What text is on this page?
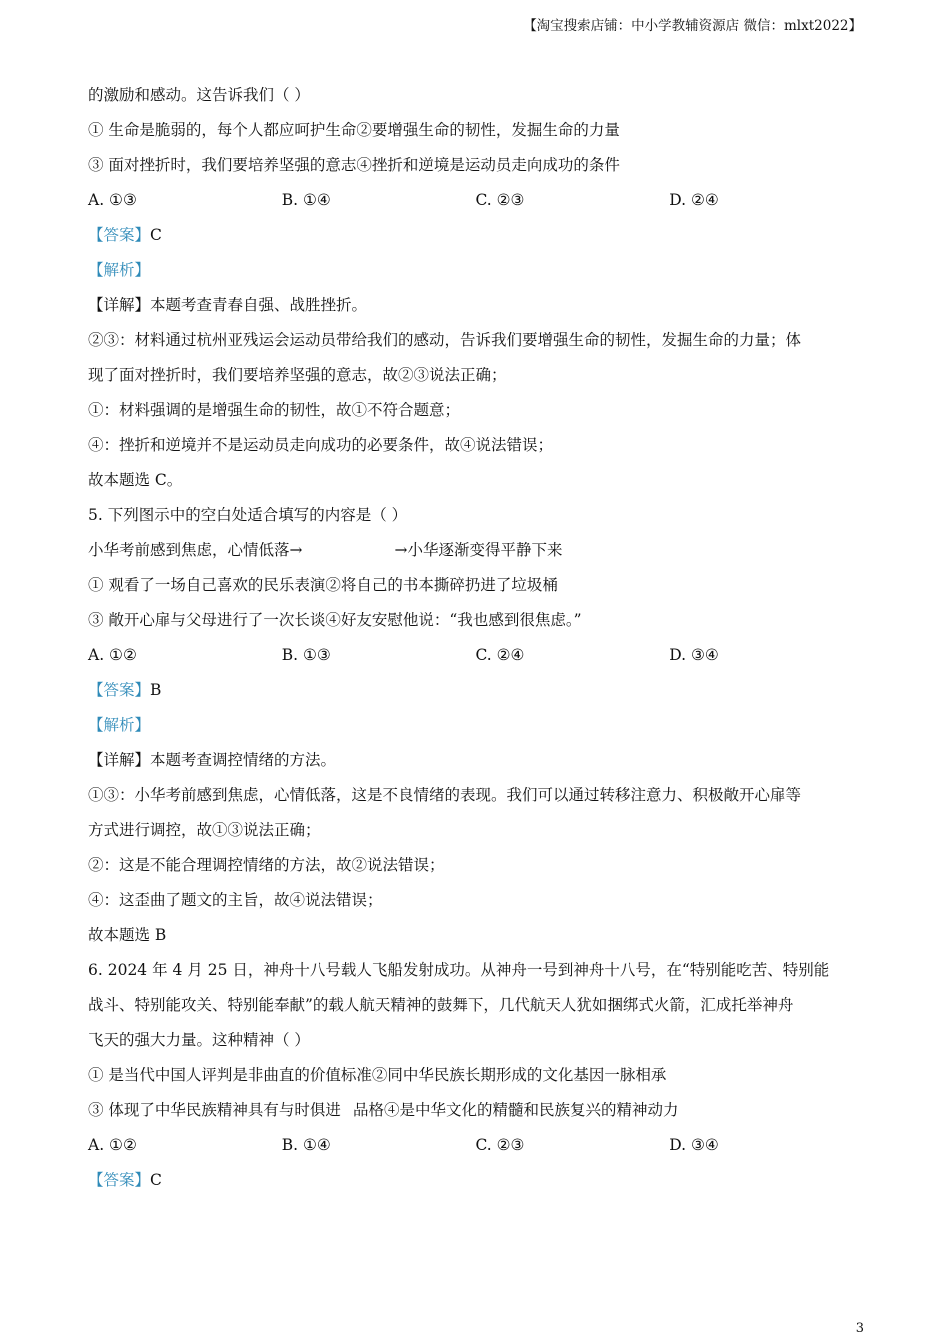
【淘宝搜索店铺：中小学教辅资源店 微信：mlxt2022】
的激励和感动。这告诉我们（ ）
① 生命是脆弱的，每个人都应呵护生命②要增强生命的韧性，发掘生命的力量
③ 面对挫折时，我们要培养坚强的意志④挫折和逆境是运动员走向成功的条件
A. ①③	B. ①④	C. ②③	D. ②④
【答案】C
【解析】
【详解】本题考查青春自强、战胜挫折。
②③：材料通过杭州亚残运会运动员带给我们的感动，告诉我们要增强生命的韧性，发掘生命的力量；体
现了面对挫折时，我们要培养坚强的意志，故②③说法正确；
①：材料强调的是增强生命的韧性，故①不符合题意；
④：挫折和逆境并不是运动员走向成功的必要条件，故④说法错误；
故本题选 C。
5. 下列图示中的空白处适合填写的内容是（ ）
小华考前感到焦虑，心情低落→	→小华逐渐变得平静下来
① 观看了一场自己喜欢的民乐表演②将自己的书本撕碎扔进了垃圾桶
③ 敞开心扉与父母进行了一次长谈④好友安慰他说：“我也感到很焦虑。”
A. ①②	B. ①③	C. ②④	D. ③④
【答案】B
【解析】
【详解】本题考查调控情绪的方法。
①③：小华考前感到焦虑，心情低落，这是不良情绪的表现。我们可以通过转移注意力、积极敞开心扉等
方式进行调控，故①③说法正确；
②：这是不能合理调控情绪的方法，故②说法错误；
④：这歪曲了题文的主旨，故④说法错误；
故本题选 B
6. 2024 年 4 月 25 日，神舟十八号载人飞船发射成功。从神舟一号到神舟十八号，在“特别能吃苦、特别能
战斗、特别能攻关、特别能奉献”的载人航天精神的鼓舞下，几代航天人犹如捆绑式火箭，汇成托举神舟
飞天的强大力量。这种精神（ ）
① 是当代中国人评判是非曲直的价值标准②同中华民族长期形成的文化基因一脉相承
③ 体现了中华民族精神具有与时俱进 品格④是中华文化的精髓和民族复兴的精神动力
A. ①②	B. ①④	C. ②③	D. ③④
【答案】C
3
